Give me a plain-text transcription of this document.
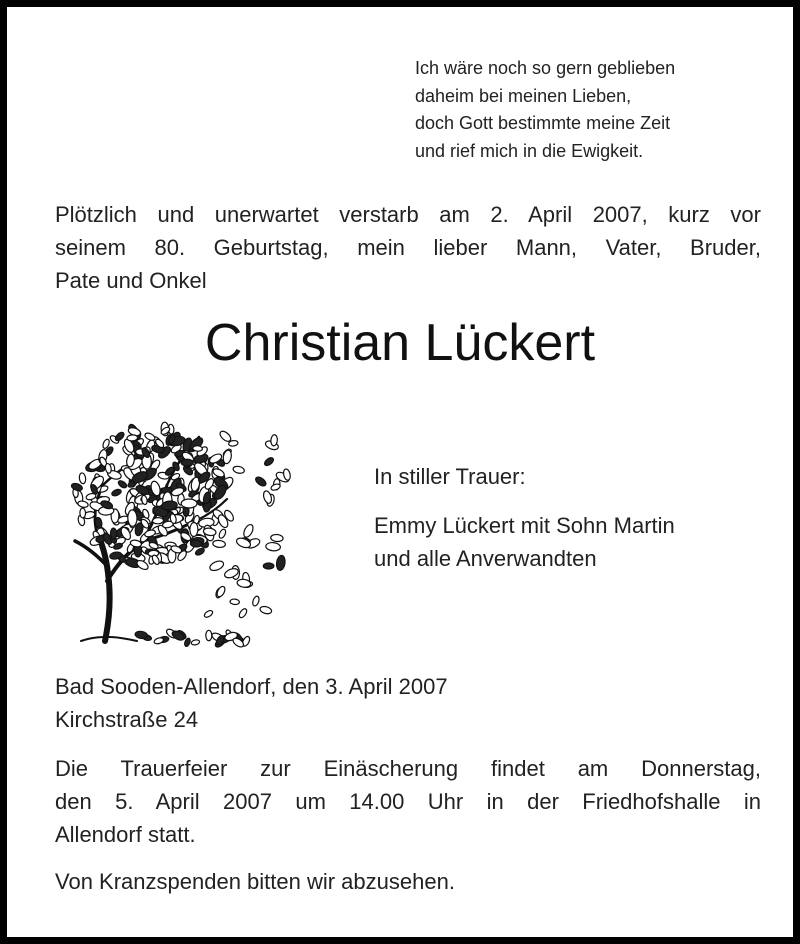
Ich wäre noch so gern geblieben
daheim bei meinen Lieben,
doch Gott bestimmte meine Zeit
und rief mich in die Ewigkeit.
Plötzlich und unerwartet verstarb am 2. April 2007, kurz vor
seinem 80. Geburtstag, mein lieber Mann, Vater, Bruder,
Pate und Onkel
Christian Lückert
In stiller Trauer:
Emmy Lückert mit Sohn Martin
und alle Anverwandten
Bad Sooden-Allendorf, den 3. April 2007
Kirchstraße 24
Die Trauerfeier zur Einäscherung findet am Donnerstag,
den 5. April 2007 um 14.00 Uhr in der Friedhofshalle in
Allendorf statt.
Von Kranzspenden bitten wir abzusehen.
